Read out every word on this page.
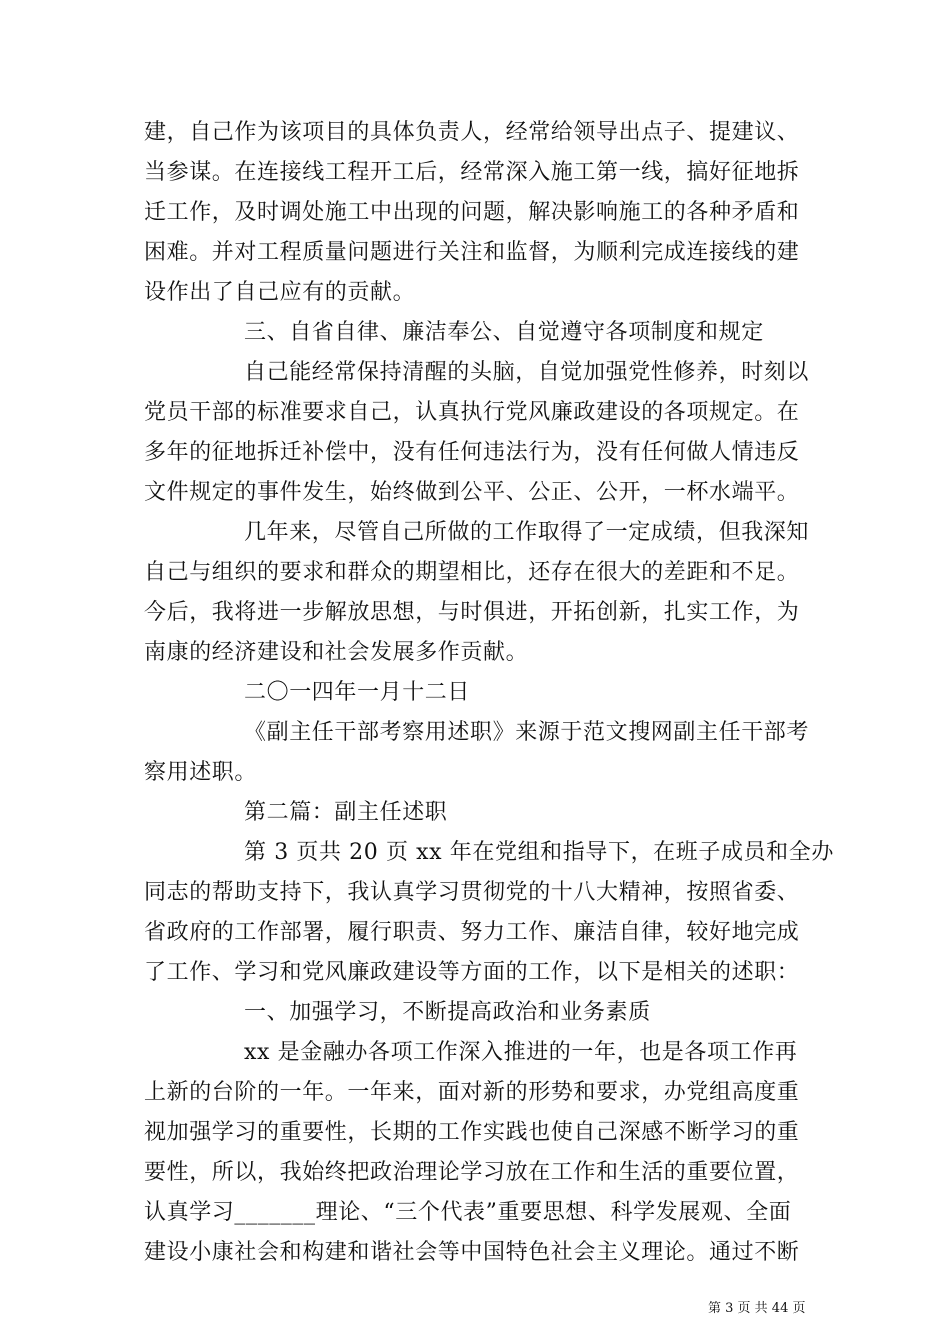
建，自己作为该项目的具体负责人，经常给领导出点子、提建议、
当参谋。在连接线工程开工后，经常深入施工第一线，搞好征地拆
迁工作，及时调处施工中出现的问题，解决影响施工的各种矛盾和
困难。并对工程质量问题进行关注和监督，为顺利完成连接线的建
设作出了自己应有的贡献。
三、自省自律、廉洁奉公、自觉遵守各项制度和规定
自己能经常保持清醒的头脑，自觉加强党性修养，时刻以
党员干部的标准要求自己，认真执行党风廉政建设的各项规定。在
多年的征地拆迁补偿中，没有任何违法行为，没有任何做人情违反
文件规定的事件发生，始终做到公平、公正、公开，一杯水端平。
几年来，尽管自己所做的工作取得了一定成绩，但我深知
自己与组织的要求和群众的期望相比，还存在很大的差距和不足。
今后，我将进一步解放思想，与时俱进，开拓创新，扎实工作，为
南康的经济建设和社会发展多作贡献。
二〇一四年一月十二日
《副主任干部考察用述职》来源于范文搜网副主任干部考
察用述职。
第二篇：副主任述职
第 3 页共 20 页 xx 年在党组和指导下，在班子成员和全办
同志的帮助支持下，我认真学习贯彻党的十八大精神，按照省委、
省政府的工作部署，履行职责、努力工作、廉洁自律，较好地完成
了工作、学习和党风廉政建设等方面的工作，以下是相关的述职：
一、加强学习，不断提高政治和业务素质
xx 是金融办各项工作深入推进的一年，也是各项工作再
上新的台阶的一年。一年来，面对新的形势和要求，办党组高度重
视加强学习的重要性，长期的工作实践也使自己深感不断学习的重
要性，所以，我始终把政治理论学习放在工作和生活的重要位置，
认真学习_______理论、“三个代表”重要思想、科学发展观、全面
建设小康社会和构建和谐社会等中国特色社会主义理论。通过不断
第 3 页 共 44 页
